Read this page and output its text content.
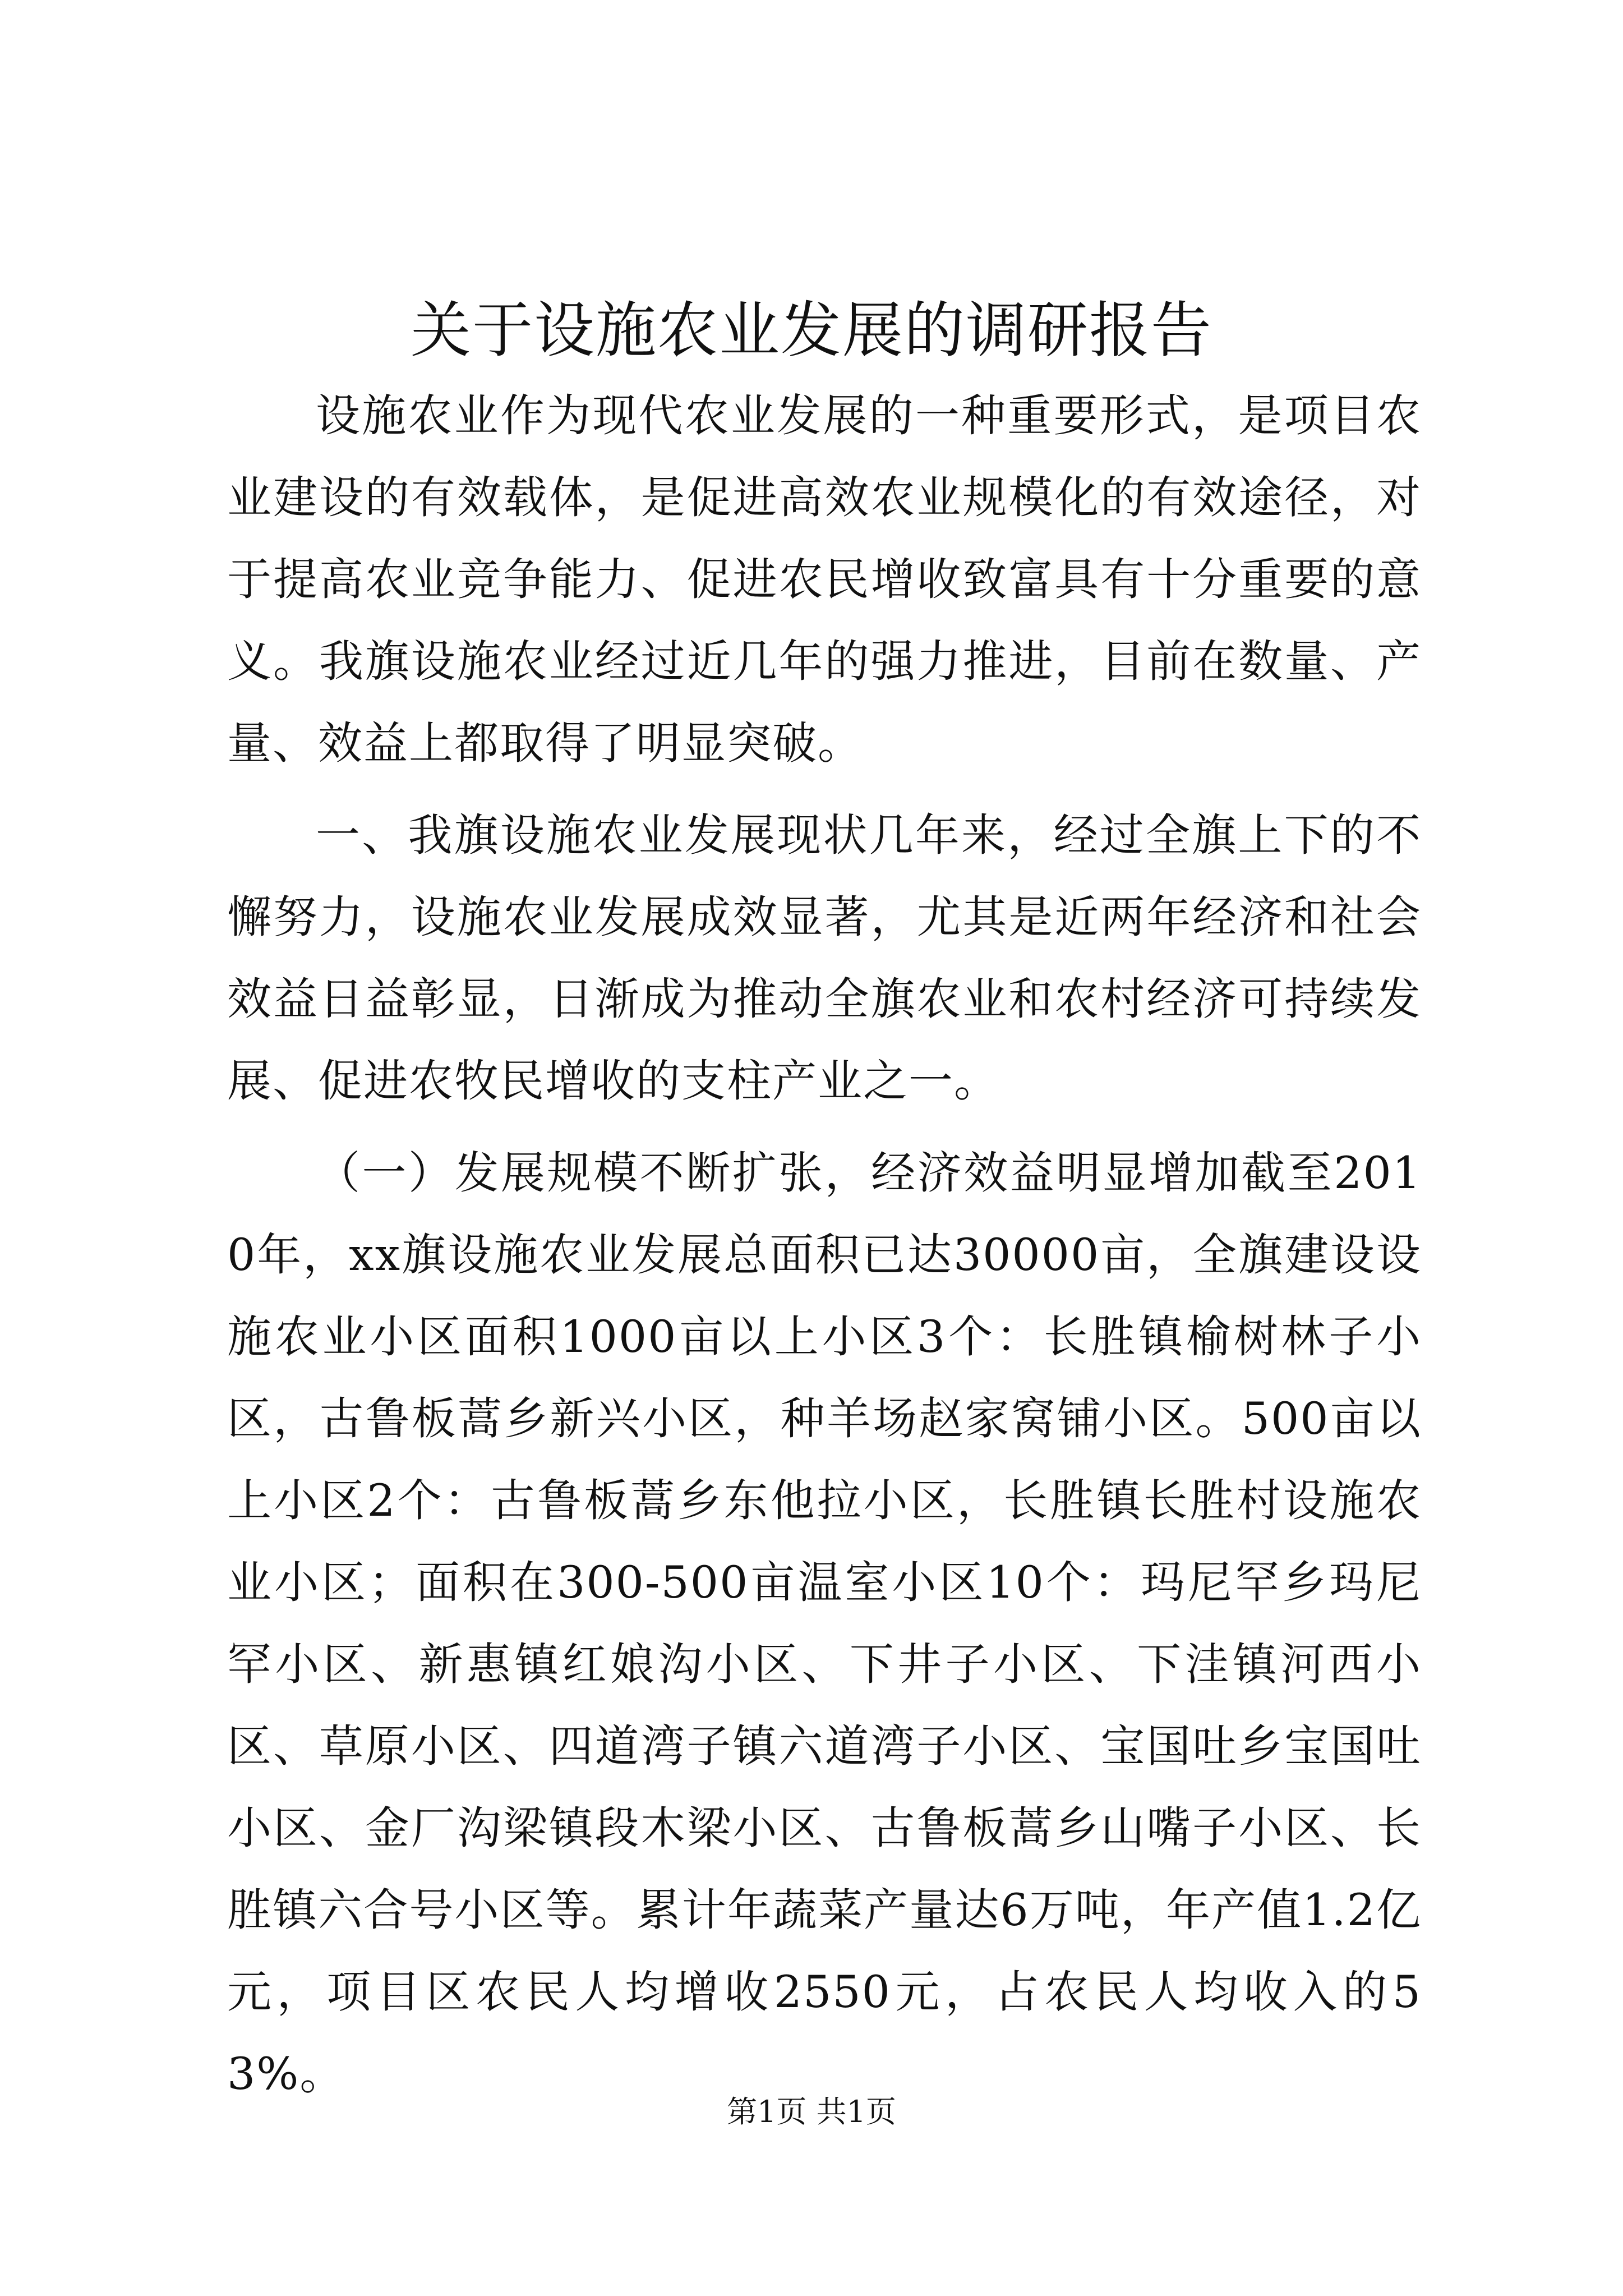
关于设施农业发展的调研报告

设施农业作为现代农业发展的一种重要形式，是项目农业建设的有效载体，是促进高效农业规模化的有效途径，对于提高农业竞争能力、促进农民增收致富具有十分重要的意义。我旗设施农业经过近几年的强力推进，目前在数量、产量、效益上都取得了明显突破。

一、我旗设施农业发展现状几年来，经过全旗上下的不懈努力，设施农业发展成效显著，尤其是近两年经济和社会效益日益彰显，日渐成为推动全旗农业和农村经济可持续发展、促进农牧民增收的支柱产业之一。

（一）发展规模不断扩张，经济效益明显增加截至2010年，xx旗设施农业发展总面积已达30000亩，全旗建设设施农业小区面积1000亩以上小区3个：长胜镇榆树林子小区，古鲁板蒿乡新兴小区，种羊场赵家窝铺小区。500亩以上小区2个：古鲁板蒿乡东他拉小区，长胜镇长胜村设施农业小区；面积在300-500亩温室小区10个：玛尼罕乡玛尼罕小区、新惠镇红娘沟小区、下井子小区、下洼镇河西小区、草原小区、四道湾子镇六道湾子小区、宝国吐乡宝国吐小区、金厂沟梁镇段木梁小区、古鲁板蒿乡山嘴子小区、长胜镇六合号小区等。累计年蔬菜产量达6万吨，年产值1.2亿元，项目区农民人均增收2550元，占农民人均收入的53%。

第1页 共1页
